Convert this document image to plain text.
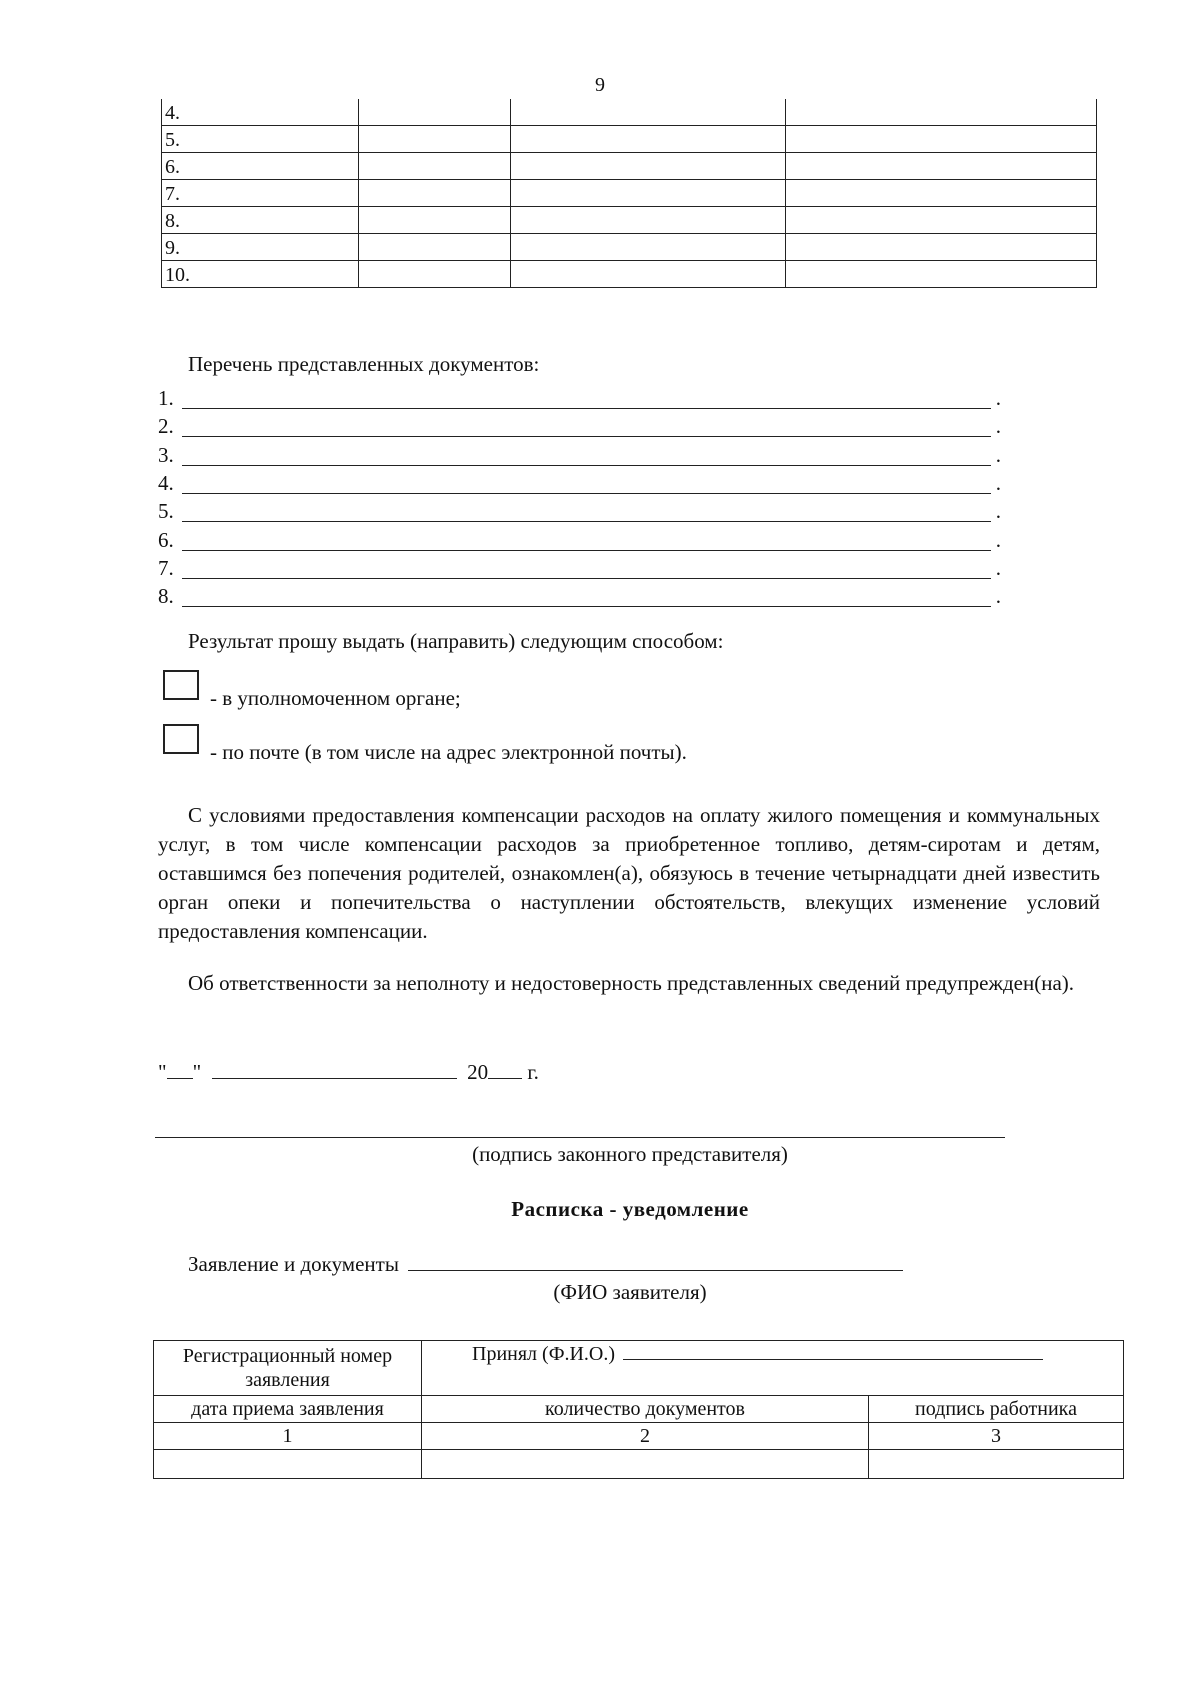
9
4.			
5.			
6.			
7.			
8.			
9.			
10.			
Перечень представленных документов:
1.	.
2.	.
3.	.
4.	.
5.	.
6.	.
7.	.
8.	.
Результат прошу выдать (направить) следующим способом:
- в уполномоченном органе;
- по почте (в том числе на адрес электронной почты).
С условиями предоставления компенсации расходов на оплату жилого помещения и коммунальных услуг, в том числе компенсации расходов за приобретенное топливо, детям-сиротам и детям, оставшимся без попечения родителей, ознакомлен(а), обязуюсь в течение четырнадцати дней известить орган опеки и попечительства о наступлении обстоятельств, влекущих изменение условий предоставления компенсации.
Об ответственности за неполноту и недостоверность представленных сведений предупрежден(на).
" "	20 г.
(подпись законного представителя)
Расписка - уведомление
Заявление и документы
(ФИО заявителя)
Регистрационный номер заявления	Принял (Ф.И.О.)	
дата приема заявления	количество документов	подпись работника
1	2	3
